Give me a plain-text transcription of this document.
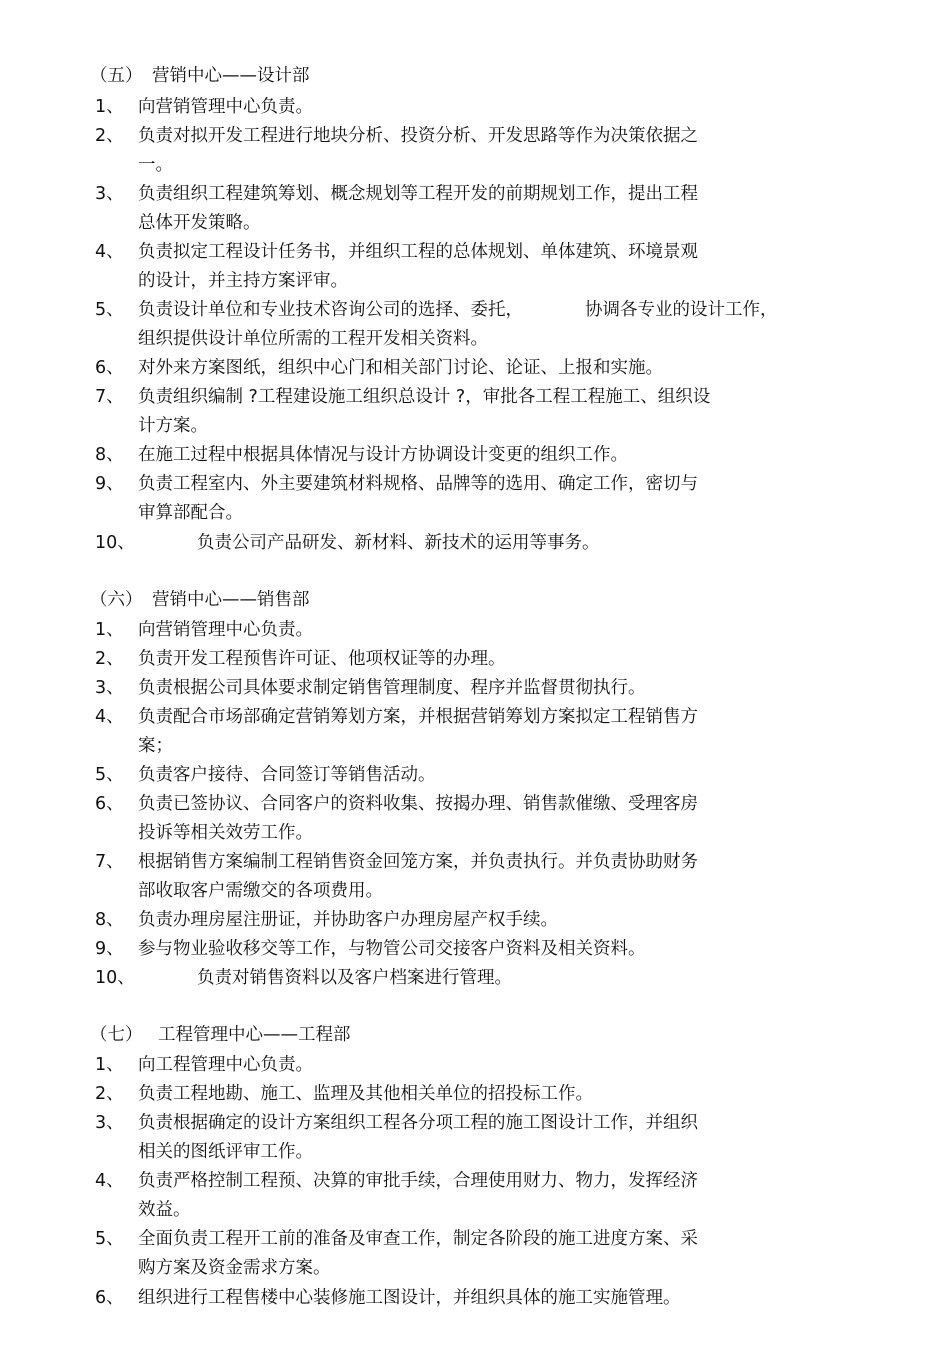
（五） 营销中心——设计部
1、 向营销管理中心负责。
2、 负责对拟开发工程进行地块分析、投资分析、开发思路等作为决策依据之
一。
3、 负责组织工程建筑筹划、概念规划等工程开发的前期规划工作，提出工程
总体开发策略。
4、 负责拟定工程设计任务书，并组织工程的总体规划、单体建筑、环境景观
的设计，并主持方案评审。
5、 负责设计单位和专业技术咨询公司的选择、委托，	协调各专业的设计工作，
组织提供设计单位所需的工程开发相关资料。
6、 对外来方案图纸，组织中心门和相关部门讨论、论证、上报和实施。
7、 负责组织编制 ?工程建设施工组织总设计 ?，审批各工程工程施工、组织设
计方案。
8、 在施工过程中根据具体情况与设计方协调设计变更的组织工作。
9、 负责工程室内、外主要建筑材料规格、品牌等的选用、确定工作，密切与
审算部配合。
10、	负责公司产品研发、新材料、新技术的运用等事务。
（六） 营销中心——销售部
1、 向营销管理中心负责。
2、 负责开发工程预售许可证、他项权证等的办理。
3、 负责根据公司具体要求制定销售管理制度、程序并监督贯彻执行。
4、 负责配合市场部确定营销筹划方案，并根据营销筹划方案拟定工程销售方
案；
5、 负责客户接待、合同签订等销售活动。
6、 负责已签协议、合同客户的资料收集、按揭办理、销售款催缴、受理客房
投诉等相关效劳工作。
7、 根据销售方案编制工程销售资金回笼方案，并负责执行。并负责协助财务
部收取客户需缴交的各项费用。
8、 负责办理房屋注册证，并协助客户办理房屋产权手续。
9、 参与物业验收移交等工作，与物管公司交接客户资料及相关资料。
10、	负责对销售资料以及客户档案进行管理。
（七） 工程管理中心——工程部
1、 向工程管理中心负责。
2、 负责工程地勘、施工、监理及其他相关单位的招投标工作。
3、 负责根据确定的设计方案组织工程各分项工程的施工图设计工作，并组织
相关的图纸评审工作。
4、 负责严格控制工程预、决算的审批手续，合理使用财力、物力，发挥经济
效益。
5、 全面负责工程开工前的准备及审查工作，制定各阶段的施工进度方案、采
购方案及资金需求方案。
6、 组织进行工程售楼中心装修施工图设计，并组织具体的施工实施管理。
